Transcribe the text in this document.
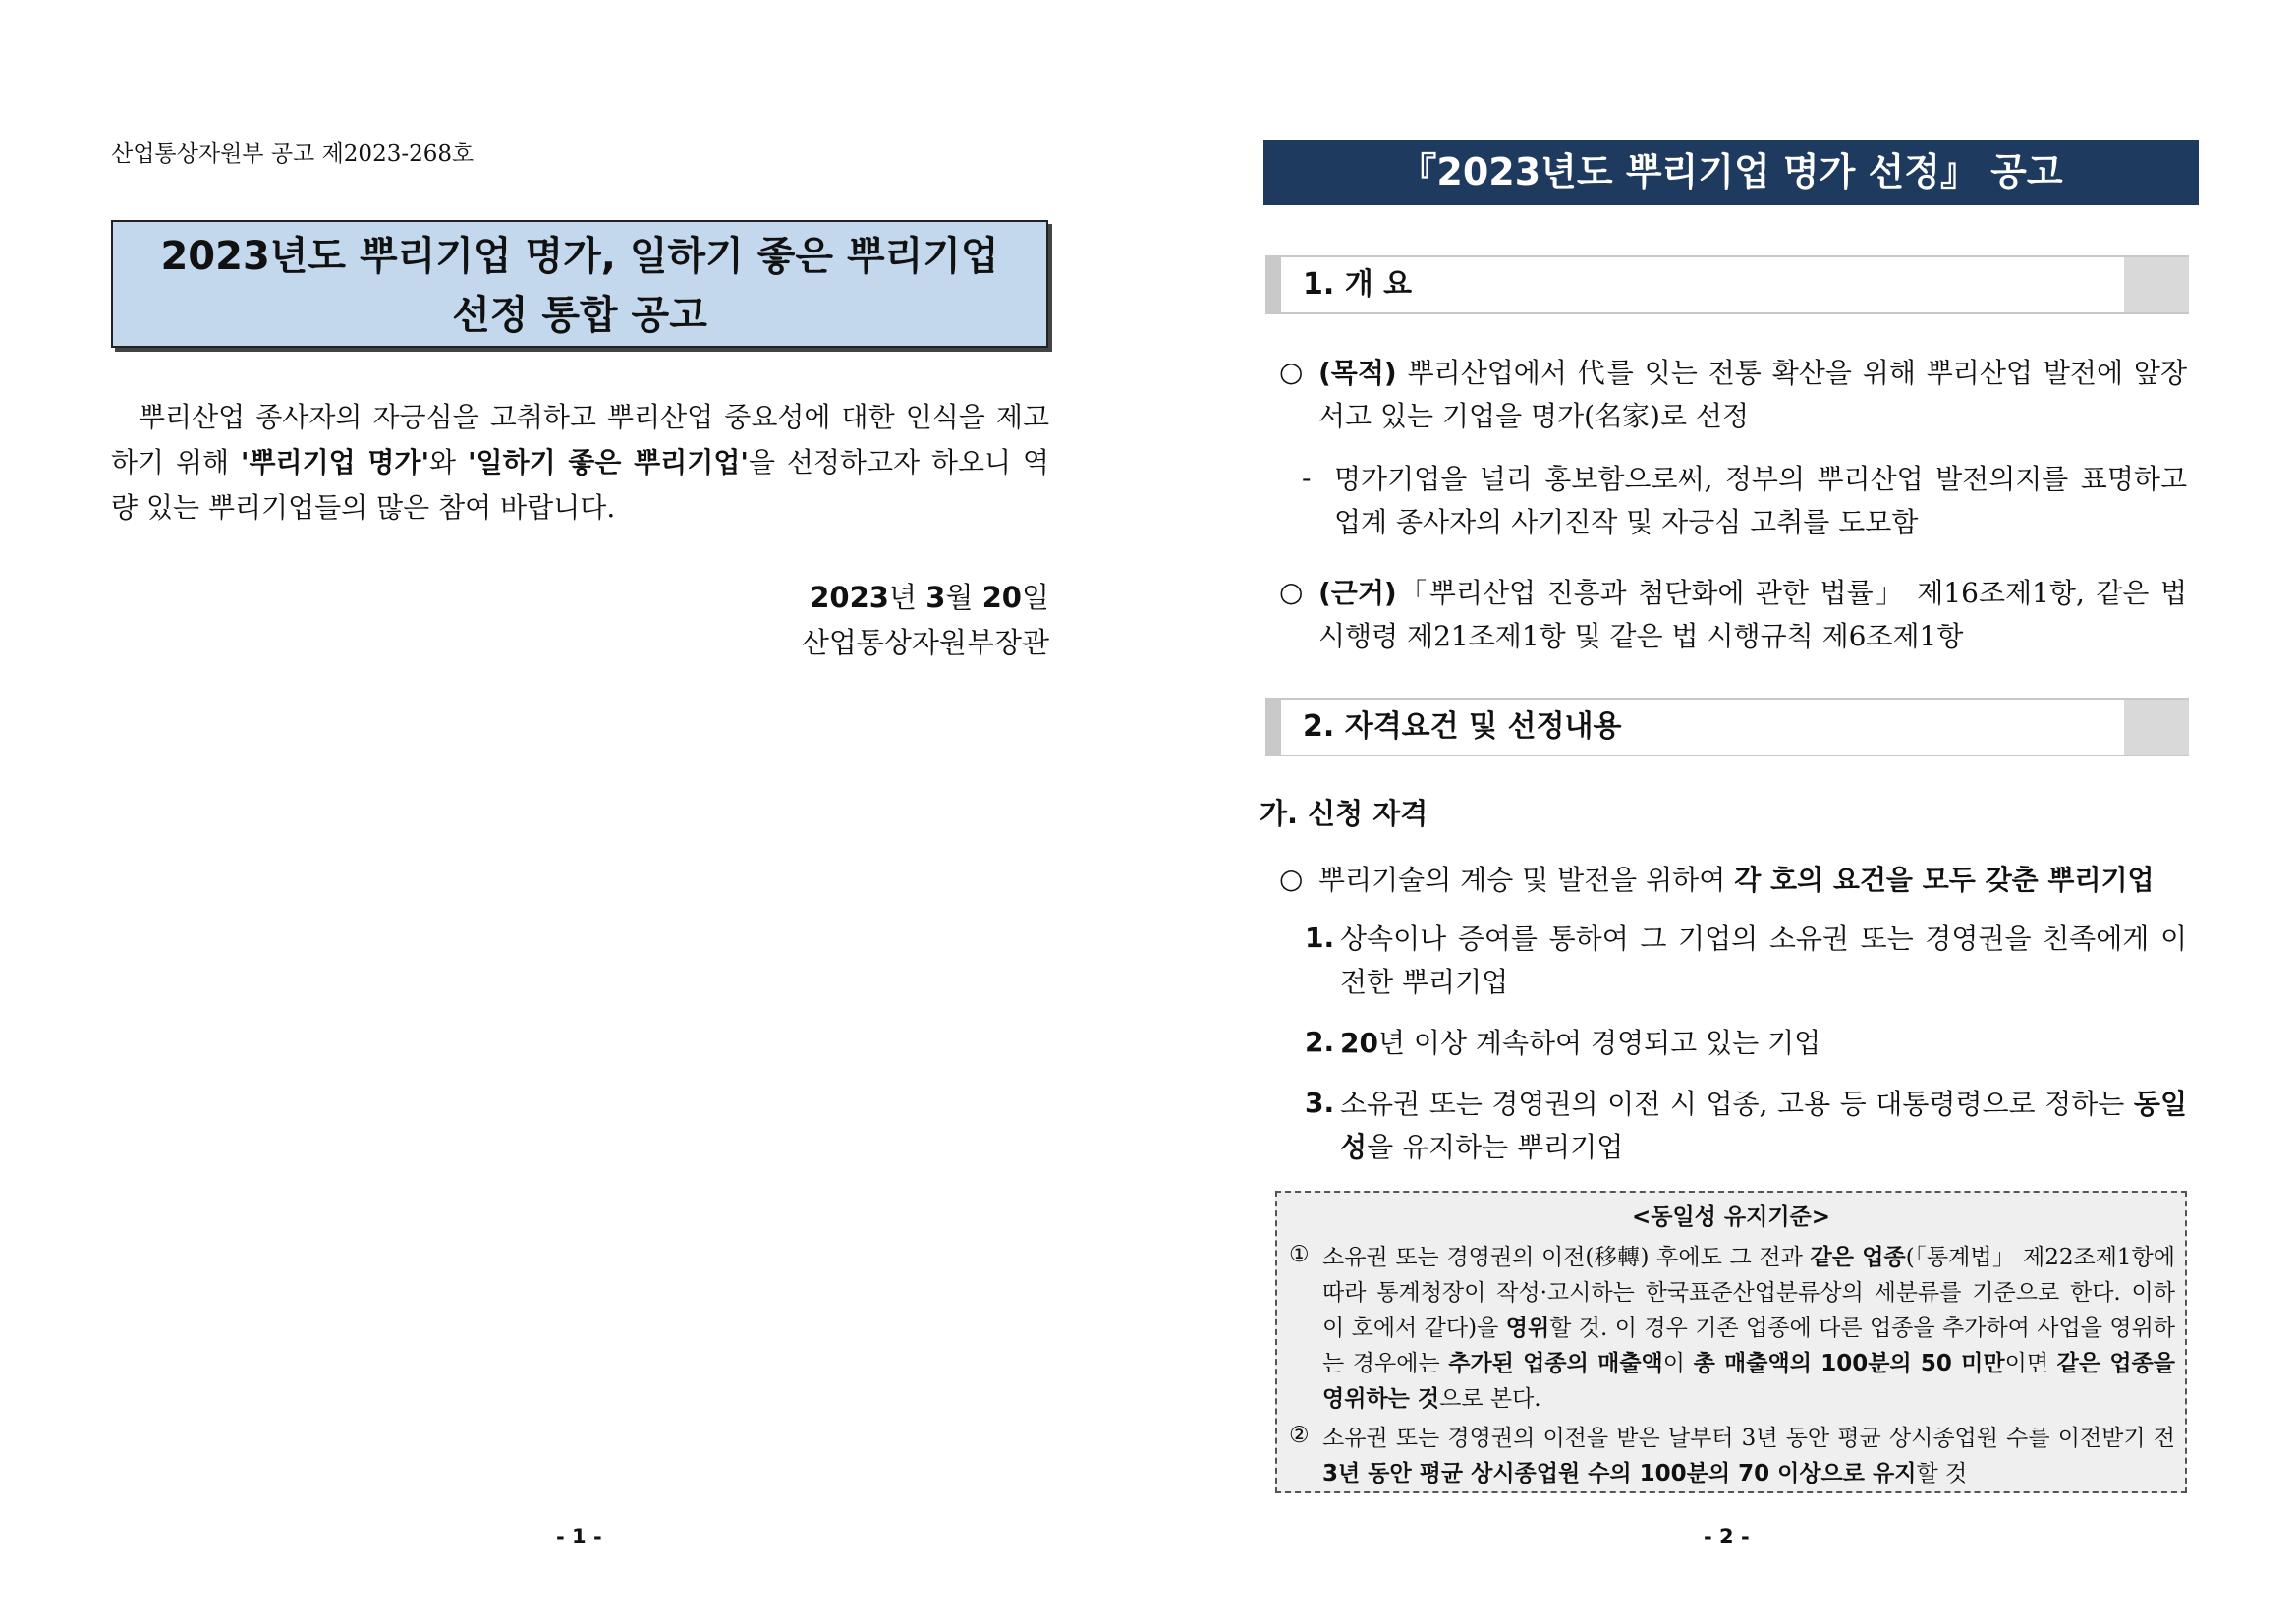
산업통상자원부 공고 제2023-268호
2023년도 뿌리기업 명가, 일하기 좋은 뿌리기업
선정 통합 공고
뿌리산업 종사자의 자긍심을 고취하고 뿌리산업 중요성에 대한 인식을 제고하기 위해 '뿌리기업 명가'와 '일하기 좋은 뿌리기업'을 선정하고자 하오니 역량 있는 뿌리기업들의 많은 참여 바랍니다.
2023년 3월 20일
산업통상자원부장관
- 1 -
『2023년도 뿌리기업 명가 선정』 공고
1. 개 요
○ (목적) 뿌리산업에서 代를 잇는 전통 확산을 위해 뿌리산업 발전에 앞장서고 있는 기업을 명가(名家)로 선정
- 명가기업을 널리 홍보함으로써, 정부의 뿌리산업 발전의지를 표명하고 업계 종사자의 사기진작 및 자긍심 고취를 도모함
○ (근거)「뿌리산업 진흥과 첨단화에 관한 법률」 제16조제1항, 같은 법 시행령 제21조제1항 및 같은 법 시행규칙 제6조제1항
2. 자격요건 및 선정내용
가. 신청 자격
○ 뿌리기술의 계승 및 발전을 위하여 각 호의 요건을 모두 갖춘 뿌리기업
1. 상속이나 증여를 통하여 그 기업의 소유권 또는 경영권을 친족에게 이전한 뿌리기업
2. 20년 이상 계속하여 경영되고 있는 기업
3. 소유권 또는 경영권의 이전 시 업종, 고용 등 대통령령으로 정하는 동일성을 유지하는 뿌리기업
<동일성 유지기준>
① 소유권 또는 경영권의 이전(移轉) 후에도 그 전과 같은 업종(「통계법」 제22조제1항에 따라 통계청장이 작성·고시하는 한국표준산업분류상의 세분류를 기준으로 한다. 이하 이 호에서 같다)을 영위할 것. 이 경우 기존 업종에 다른 업종을 추가하여 사업을 영위하는 경우에는 추가된 업종의 매출액이 총 매출액의 100분의 50 미만이면 같은 업종을 영위하는 것으로 본다.
② 소유권 또는 경영권의 이전을 받은 날부터 3년 동안 평균 상시종업원 수를 이전받기 전 3년 동안 평균 상시종업원 수의 100분의 70 이상으로 유지할 것
- 2 -
